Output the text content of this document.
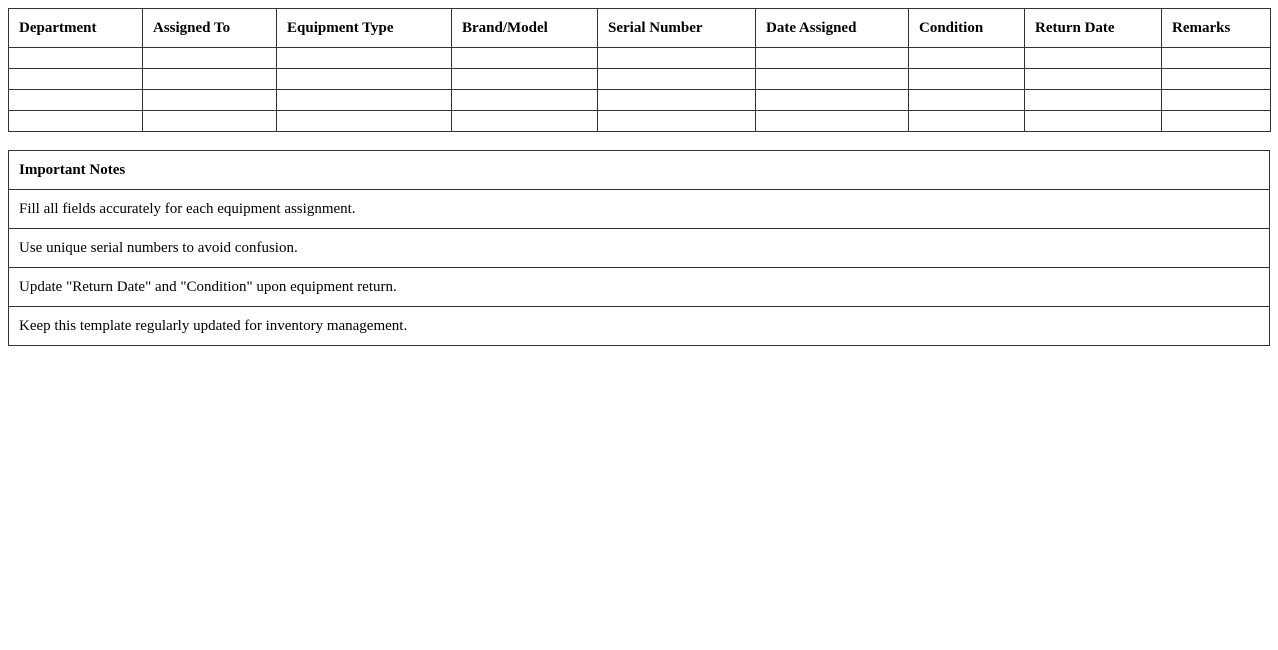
Department	Assigned To	Equipment Type	Brand/Model	Serial Number	Date Assigned	Condition	Return Date	Remarks

Important Notes
Fill all fields accurately for each equipment assignment.
Use unique serial numbers to avoid confusion.
Update "Return Date" and "Condition" upon equipment return.
Keep this template regularly updated for inventory management.
